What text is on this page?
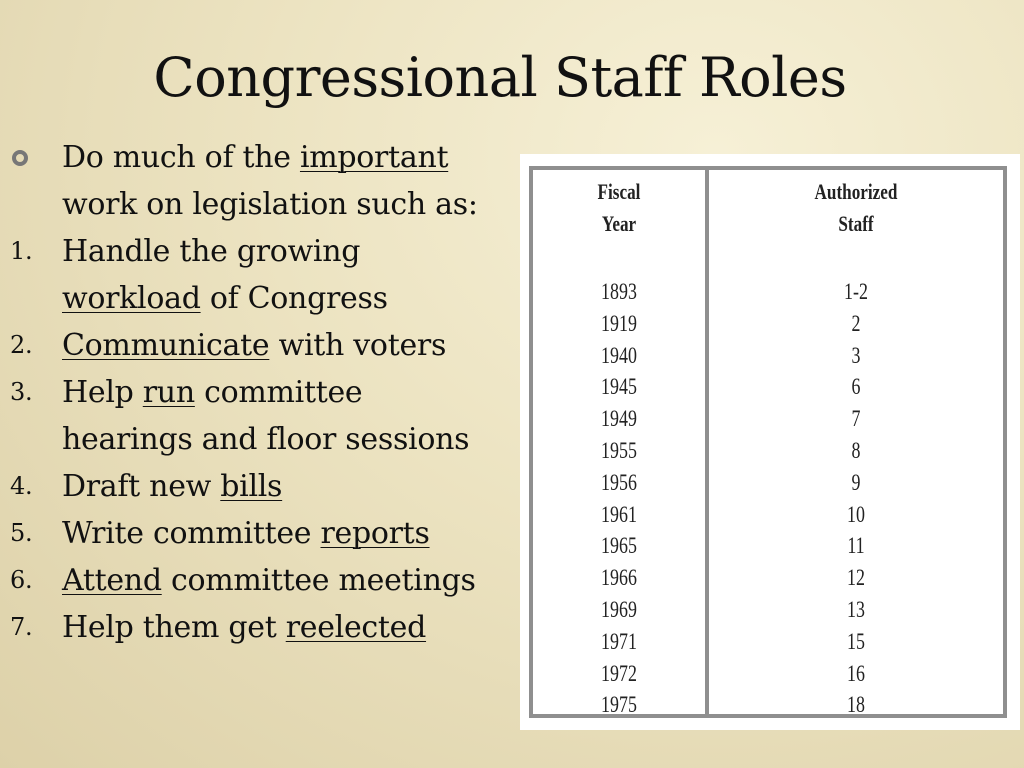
Congressional Staff Roles
Do much of the important work on legislation such as:
1. Handle the growing workload of Congress
2. Communicate with voters
3. Help run committee hearings and floor sessions
4. Draft new bills
5. Write committee reports
6. Attend committee meetings
7. Help them get reelected
Fiscal
Year
1893
1919
1940
1945
1949
1955
1956
1961
1965
1966
1969
1971
1972
1975
Authorized
Staff
1-2
2
3
6
7
8
9
10
11
12
13
15
16
18
